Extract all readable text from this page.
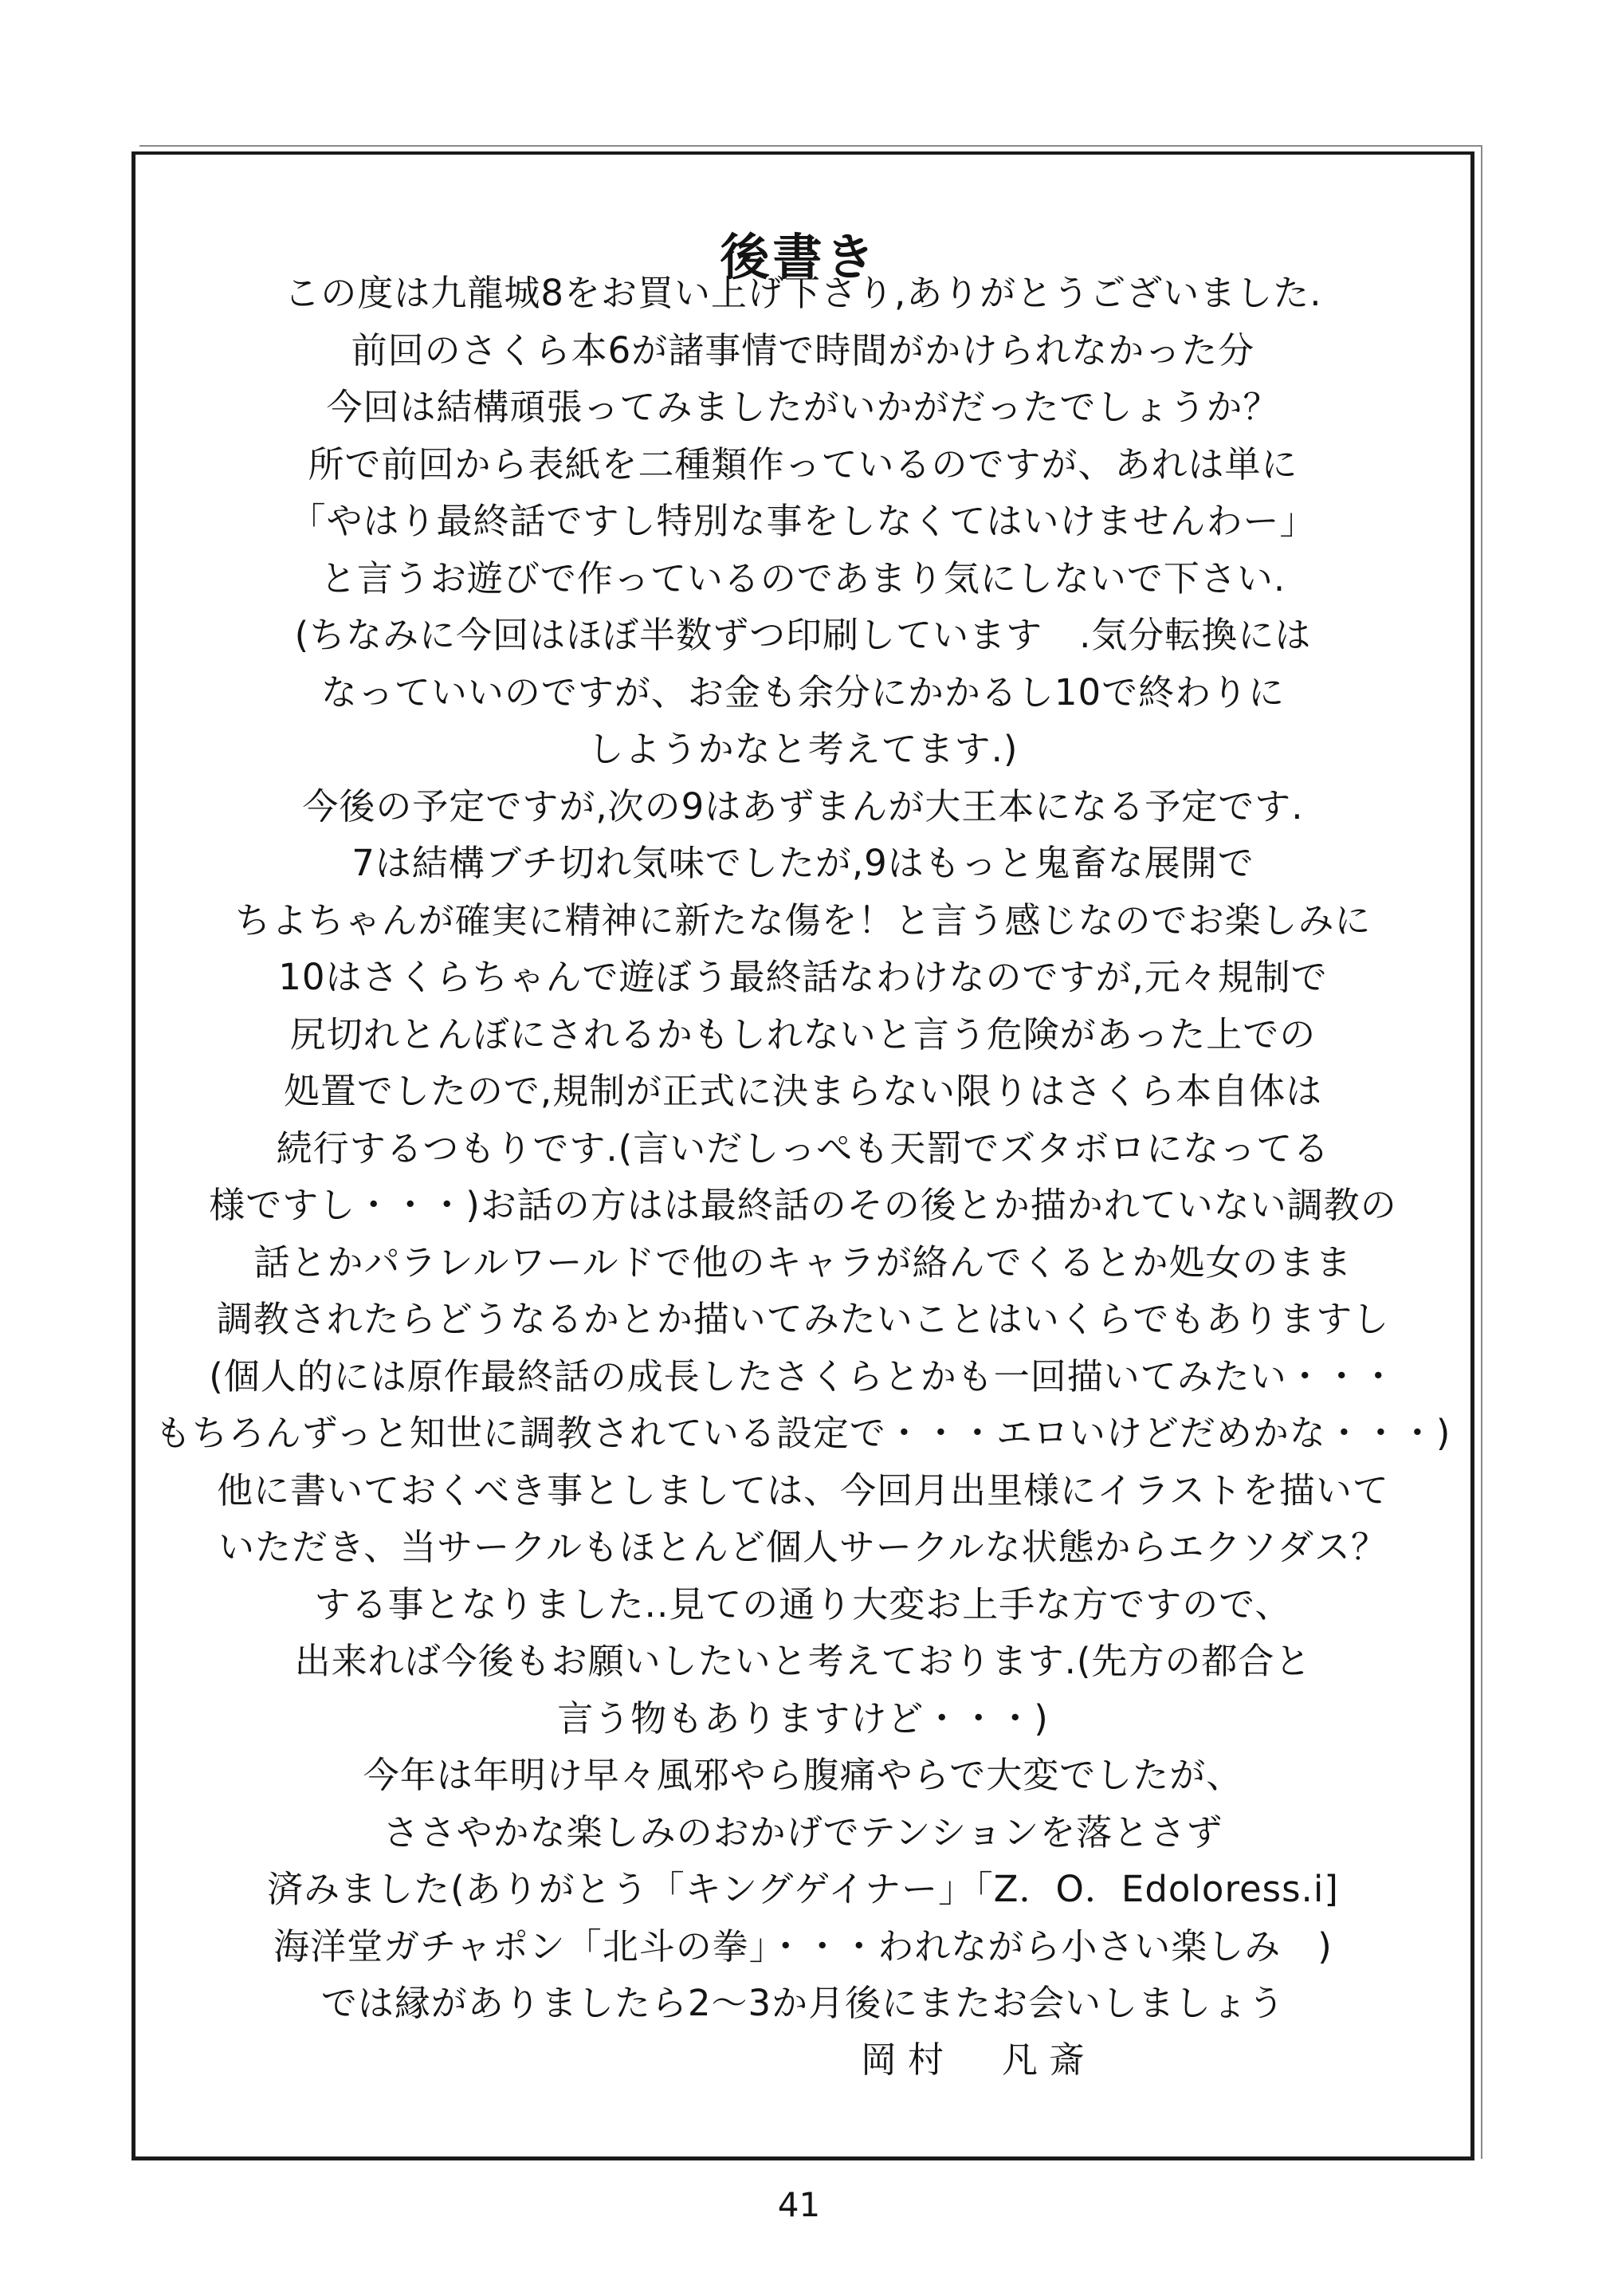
後書き
この度は九龍城8をお買い上げ下さり,ありがとうございました.
前回のさくら本6が諸事情で時間がかけられなかった分
今回は結構頑張ってみましたがいかがだったでしょうか？
所で前回から表紙を二種類作っているのですが、あれは単に
「やはり最終話ですし特別な事をしなくてはいけませんわー」
と言うお遊びで作っているのであまり気にしないで下さい.
(ちなみに今回はほぼ半数ずつ印刷しています　.気分転換には
なっていいのですが、お金も余分にかかるし10で終わりに
しようかなと考えてます.)
今後の予定ですが,次の9はあずまんが大王本になる予定です.
7は結構ブチ切れ気味でしたが,9はもっと鬼畜な展開で
ちよちゃんが確実に精神に新たな傷を！と言う感じなのでお楽しみに
10はさくらちゃんで遊ぼう最終話なわけなのですが,元々規制で
尻切れとんぼにされるかもしれないと言う危険があった上での
処置でしたので,規制が正式に決まらない限りはさくら本自体は
続行するつもりです.(言いだしっぺも天罰でズタボロになってる
様ですし・・・)お話の方はは最終話のその後とか描かれていない調教の
話とかパラレルワールドで他のキャラが絡んでくるとか処女のまま
調教されたらどうなるかとか描いてみたいことはいくらでもありますし
(個人的には原作最終話の成長したさくらとかも一回描いてみたい・・・
もちろんずっと知世に調教されている設定で・・・エロいけどだめかな・・・)
他に書いておくべき事としましては、今回月出里様にイラストを描いて
いただき、当サークルもほとんど個人サークルな状態からエクソダス？
する事となりました..見ての通り大変お上手な方ですので、
出来れば今後もお願いしたいと考えております.(先方の都合と
言う物もありますけど・・・)
今年は年明け早々風邪やら腹痛やらで大変でしたが、
ささやかな楽しみのおかげでテンションを落とさず
済みました(ありがとう「キングゲイナー」「Z．O．Edoloress.i]
海洋堂ガチャポン「北斗の拳」・・・われながら小さい楽しみ　)
では縁がありましたら2～3か月後にまたお会いしましょう
岡村　凡斎
41
